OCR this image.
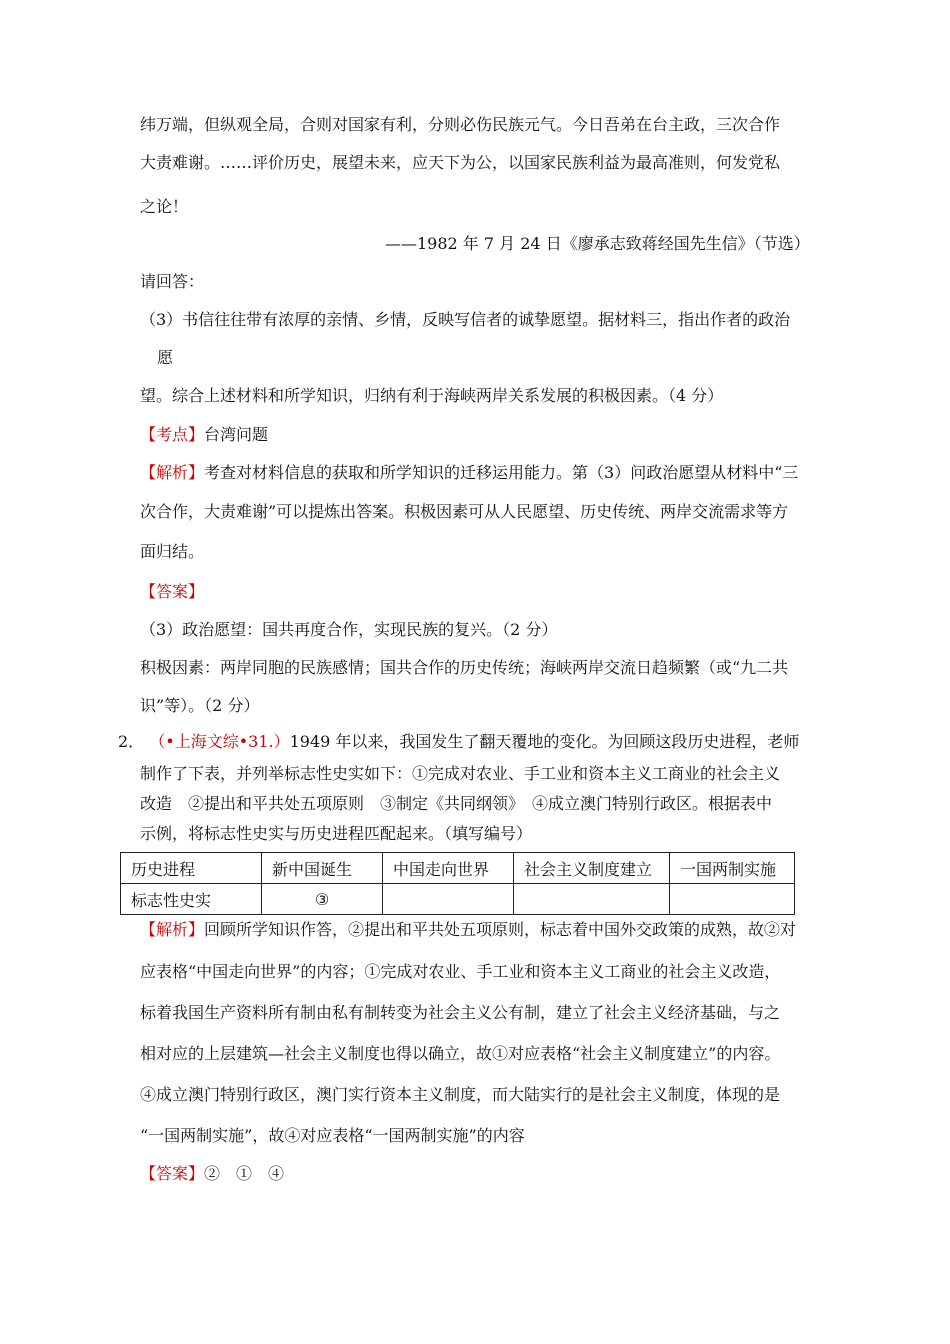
纬万端，但纵观全局，合则对国家有利，分则必伤民族元气。今日吾弟在台主政，三次合作
大责难谢。……评价历史，展望未来，应天下为公，以国家民族利益为最高准则，何发党私
之论！
——1982 年 7 月 24 日《廖承志致蒋经国先生信》（节选）
请回答：
（3）书信往往带有浓厚的亲情、乡情，反映写信者的诚挚愿望。据材料三，指出作者的政治
愿
望。综合上述材料和所学知识，归纳有利于海峡两岸关系发展的积极因素。（4 分）
【考点】台湾问题
【解析】考查对材料信息的获取和所学知识的迁移运用能力。第（3）问政治愿望从材料中“三
次合作，大责难谢”可以提炼出答案。积极因素可从人民愿望、历史传统、两岸交流需求等方
面归结。
【答案】
（3）政治愿望：国共再度合作，实现民族的复兴。（2 分）
积极因素：两岸同胞的民族感情；国共合作的历史传统；海峡两岸交流日趋频繁（或“九二共
识”等）。（2 分）
2． （•上海文综•31.）1949 年以来，我国发生了翻天覆地的变化。为回顾这段历史进程，老师
制作了下表，并列举标志性史实如下：①完成对农业、手工业和资本主义工商业的社会主义
改造　②提出和平共处五项原则　③制定《共同纲领》　④成立澳门特别行政区。根据表中
示例，将标志性史实与历史进程匹配起来。（填写编号）
历史进程	新中国诞生	中国走向世界	社会主义制度建立	一国两制实施
标志性史实	③			
【解析】回顾所学知识作答，②提出和平共处五项原则，标志着中国外交政策的成熟，故②对
应表格“中国走向世界”的内容；①完成对农业、手工业和资本主义工商业的社会主义改造，
标着我国生产资料所有制由私有制转变为社会主义公有制，建立了社会主义经济基础，与之
相对应的上层建筑—社会主义制度也得以确立，故①对应表格“社会主义制度建立”的内容。
④成立澳门特别行政区，澳门实行资本主义制度，而大陆实行的是社会主义制度，体现的是
“一国两制实施”，故④对应表格“一国两制实施”的内容
【答案】②　①　④
